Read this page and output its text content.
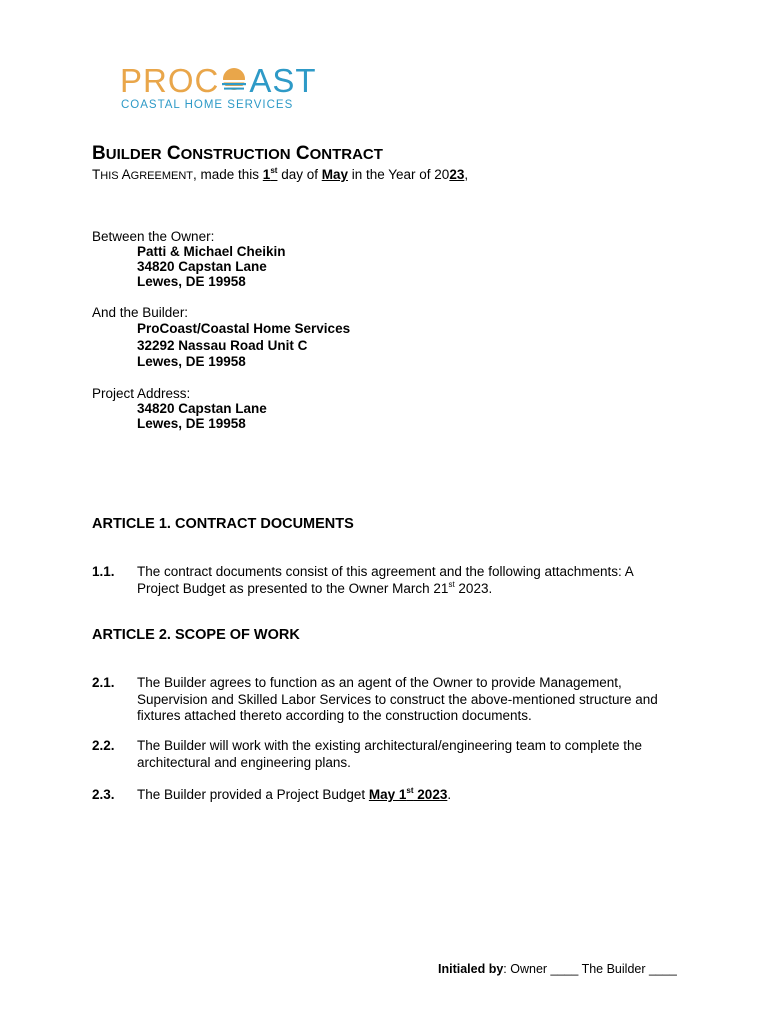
PROC AST
COASTAL HOME SERVICES
BUILDER CONSTRUCTION CONTRACT
THIS AGREEMENT, made this 1st day of May in the Year of 2023,
Between the Owner:
Patti & Michael Cheikin
34820 Capstan Lane
Lewes, DE 19958
And the Builder:
ProCoast/Coastal Home Services
32292 Nassau Road Unit C
Lewes, DE 19958
Project Address:
34820 Capstan Lane
Lewes, DE 19958
ARTICLE 1. CONTRACT DOCUMENTS
1.1. The contract documents consist of this agreement and the following attachments: A
Project Budget as presented to the Owner March 21st 2023.
ARTICLE 2. SCOPE OF WORK
2.1. The Builder agrees to function as an agent of the Owner to provide Management, Supervision and Skilled Labor Services to construct the above-mentioned structure and fixtures attached thereto according to the construction documents.
2.2. The Builder will work with the existing architectural/engineering team to complete the architectural and engineering plans.
2.3. The Builder provided a Project Budget May 1st 2023.
Initialed by: Owner ____ The Builder ____
